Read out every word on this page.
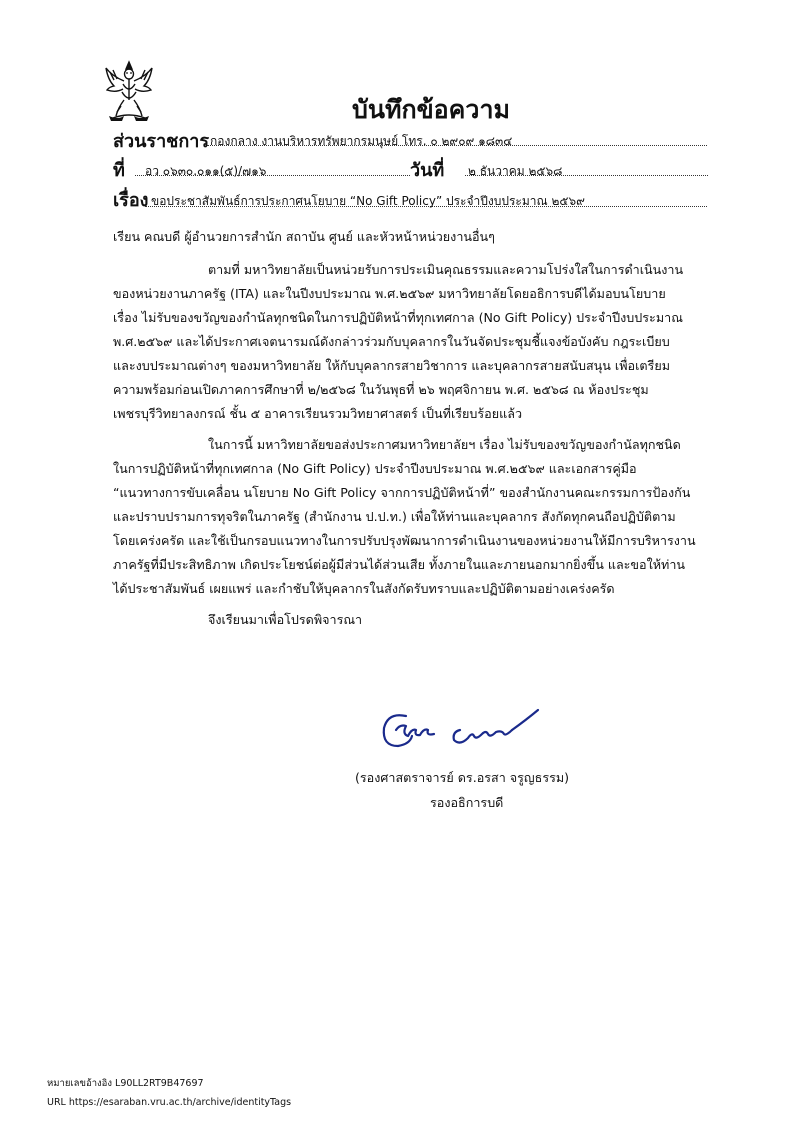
บันทึกข้อความ
ส่วนราชการ กองกลาง งานบริหารทรัพยากรมนุษย์ โทร. ๐ ๒๙๐๙ ๑๘๓๔
ที่ อว ๐๖๓๐.๐๑๑(๕)/๗๑๖	วันที่ ๒ ธันวาคม ๒๕๖๘
เรื่อง ขอประชาสัมพันธ์การประกาศนโยบาย “No Gift Policy” ประจำปีงบประมาณ ๒๕๖๙
เรียน คณบดี ผู้อำนวยการสำนัก สถาบัน ศูนย์ และหัวหน้าหน่วยงานอื่นๆ
ตามที่ มหาวิทยาลัยเป็นหน่วยรับการประเมินคุณธรรมและความโปร่งใสในการดำเนินงาน
ของหน่วยงานภาครัฐ (ITA) และในปีงบประมาณ พ.ศ.๒๕๖๙ มหาวิทยาลัยโดยอธิการบดีได้มอบนโยบาย
เรื่อง ไม่รับของขวัญของกำนัลทุกชนิดในการปฏิบัติหน้าที่ทุกเทศกาล (No Gift Policy) ประจำปีงบประมาณ
พ.ศ.๒๕๖๙ และได้ประกาศเจตนารมณ์ดังกล่าวร่วมกับบุคลากรในวันจัดประชุมชี้แจงข้อบังคับ กฎระเบียบ
และงบประมาณต่างๆ ของมหาวิทยาลัย ให้กับบุคลากรสายวิชาการ และบุคลากรสายสนับสนุน เพื่อเตรียม
ความพร้อมก่อนเปิดภาคการศึกษาที่ ๒/๒๕๖๘ ในวันพุธที่ ๒๖ พฤศจิกายน พ.ศ. ๒๕๖๘ ณ ห้องประชุม
เพชรบุรีวิทยาลงกรณ์ ชั้น ๕ อาคารเรียนรวมวิทยาศาสตร์ เป็นที่เรียบร้อยแล้ว
ในการนี้ มหาวิทยาลัยขอส่งประกาศมหาวิทยาลัยฯ เรื่อง ไม่รับของขวัญของกำนัลทุกชนิด
ในการปฏิบัติหน้าที่ทุกเทศกาล (No Gift Policy) ประจำปีงบประมาณ พ.ศ.๒๕๖๙ และเอกสารคู่มือ
“แนวทางการขับเคลื่อน นโยบาย No Gift Policy จากการปฏิบัติหน้าที่” ของสำนักงานคณะกรรมการป้องกัน
และปราบปรามการทุจริตในภาครัฐ (สำนักงาน ป.ป.ท.) เพื่อให้ท่านและบุคลากร สังกัดทุกคนถือปฏิบัติตาม
โดยเคร่งครัด และใช้เป็นกรอบแนวทางในการปรับปรุงพัฒนาการดำเนินงานของหน่วยงานให้มีการบริหารงาน
ภาครัฐที่มีประสิทธิภาพ เกิดประโยชน์ต่อผู้มีส่วนได้ส่วนเสีย ทั้งภายในและภายนอกมากยิ่งขึ้น และขอให้ท่าน
ได้ประชาสัมพันธ์ เผยแพร่ และกำชับให้บุคลากรในสังกัดรับทราบและปฏิบัติตามอย่างเคร่งครัด
จึงเรียนมาเพื่อโปรดพิจารณา
(รองศาสตราจารย์ ดร.อรสา จรูญธรรม)
รองอธิการบดี
หมายเลขอ้างอิง L90LL2RT9B47697
URL https://esaraban.vru.ac.th/archive/identityTags
